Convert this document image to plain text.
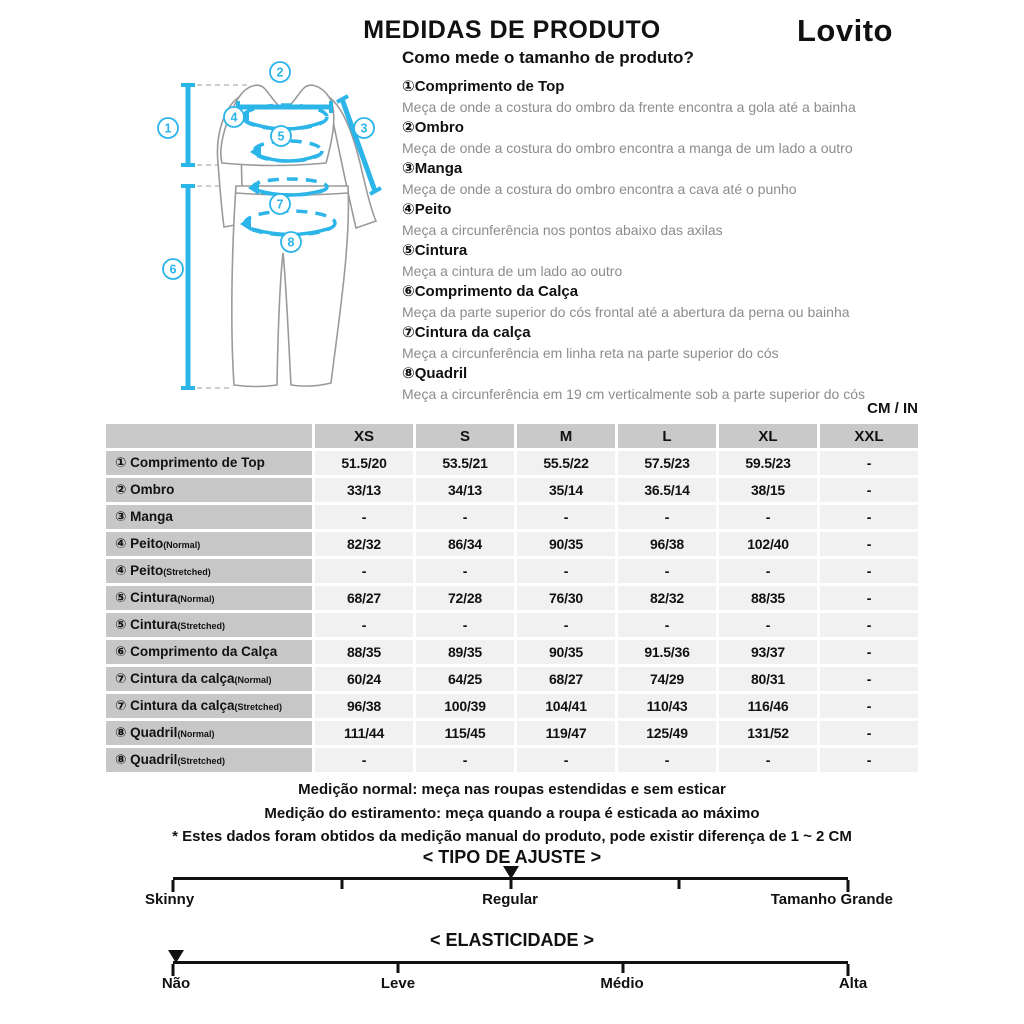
MEDIDAS DE PRODUTO	Lovito
Como mede o tamanho de produto?
1
2
3
4
5
6
7
8
①Comprimento de Top
Meça de onde a costura do ombro da frente encontra a gola até a bainha
②Ombro
Meça de onde a costura do ombro encontra a manga de um lado a outro
③Manga
Meça de onde a costura do ombro encontra a cava até o punho
④Peito
Meça a circunferência nos pontos abaixo das axilas
⑤Cintura
Meça a cintura de um lado ao outro
⑥Comprimento da Calça
Meça da parte superior do cós frontal até a abertura da perna ou bainha
⑦Cintura da calça
Meça a circunferência em linha reta na parte superior do cós
⑧Quadril
Meça a circunferência em 19 cm verticalmente sob a parte superior do cós
CM / IN
	XS	S	M	L	XL	XXL
① Comprimento de Top	51.5/20	53.5/21	55.5/22	57.5/23	59.5/23	-
② Ombro	33/13	34/13	35/14	36.5/14	38/15	-
③ Manga	-	-	-	-	-	-
④ Peito(Normal)	82/32	86/34	90/35	96/38	102/40	-
④ Peito(Stretched)	-	-	-	-	-	-
⑤ Cintura(Normal)	68/27	72/28	76/30	82/32	88/35	-
⑤ Cintura(Stretched)	-	-	-	-	-	-
⑥ Comprimento da Calça	88/35	89/35	90/35	91.5/36	93/37	-
⑦ Cintura da calça(Normal)	60/24	64/25	68/27	74/29	80/31	-
⑦ Cintura da calça(Stretched)	96/38	100/39	104/41	110/43	116/46	-
⑧ Quadril(Normal)	111/44	115/45	119/47	125/49	131/52	-
⑧ Quadril(Stretched)	-	-	-	-	-	-
Medição normal: meça nas roupas estendidas e sem esticar
Medição do estiramento: meça quando a roupa é esticada ao máximo
* Estes dados foram obtidos da medição manual do produto, pode existir diferença de 1 ~ 2 CM
< TIPO DE AJUSTE >
Skinny	Regular	Tamanho Grande
< ELASTICIDADE >
Não	Leve	Médio	Alta
